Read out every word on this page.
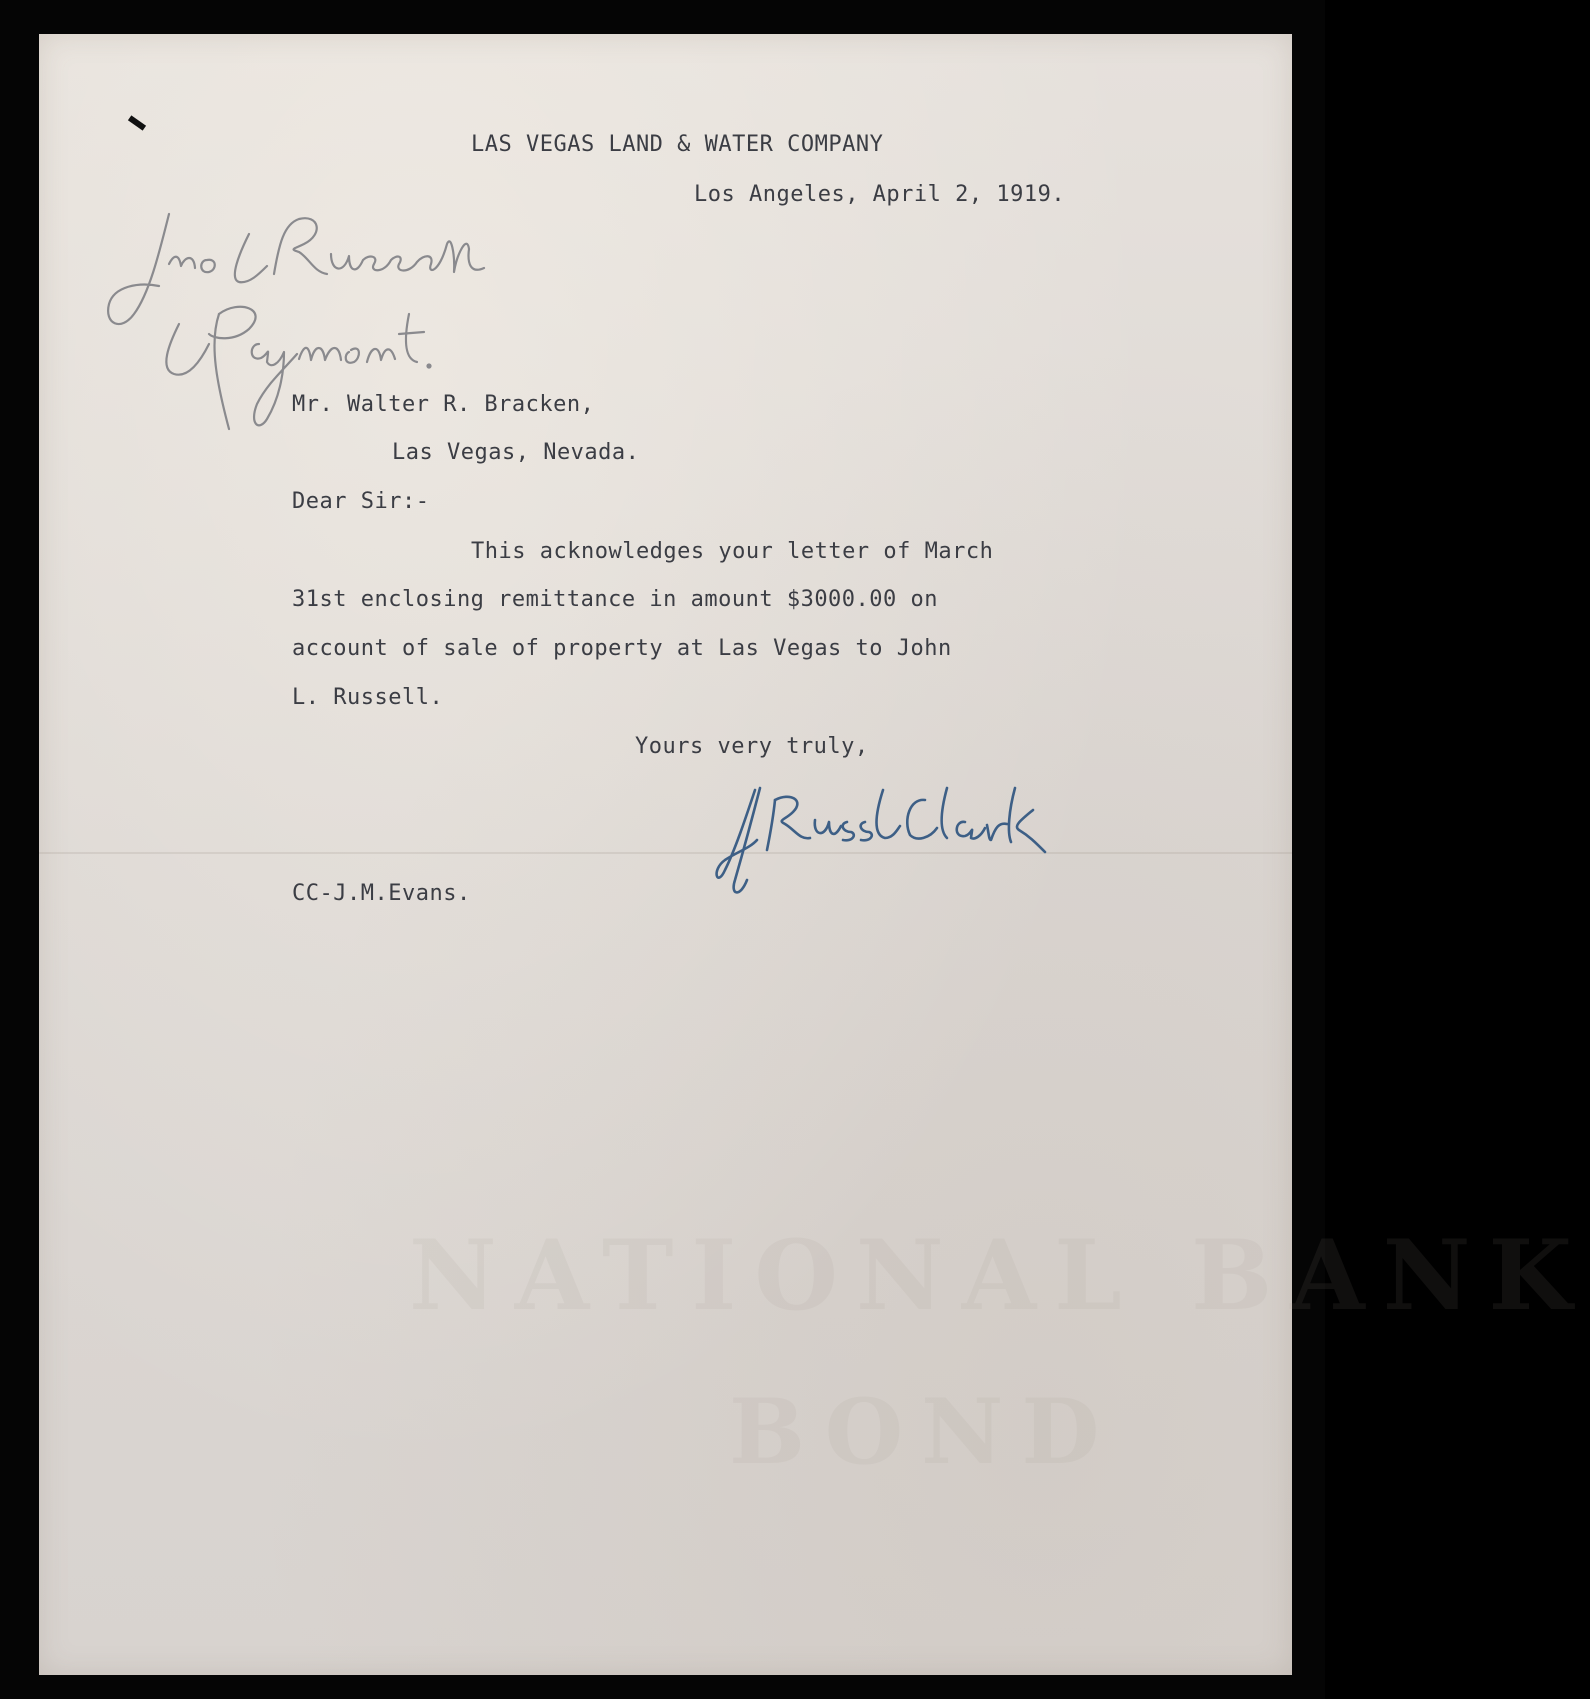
NATIONAL BANK
BOND
LAS VEGAS LAND & WATER COMPANY
Los Angeles, April 2, 1919.
Mr. Walter R. Bracken,
Las Vegas, Nevada.
Dear Sir:-
This acknowledges your letter of March
31st enclosing remittance in amount $3000.00 on
account of sale of property at Las Vegas to John
L. Russell.
Yours very truly,
CC-J.M.Evans.
